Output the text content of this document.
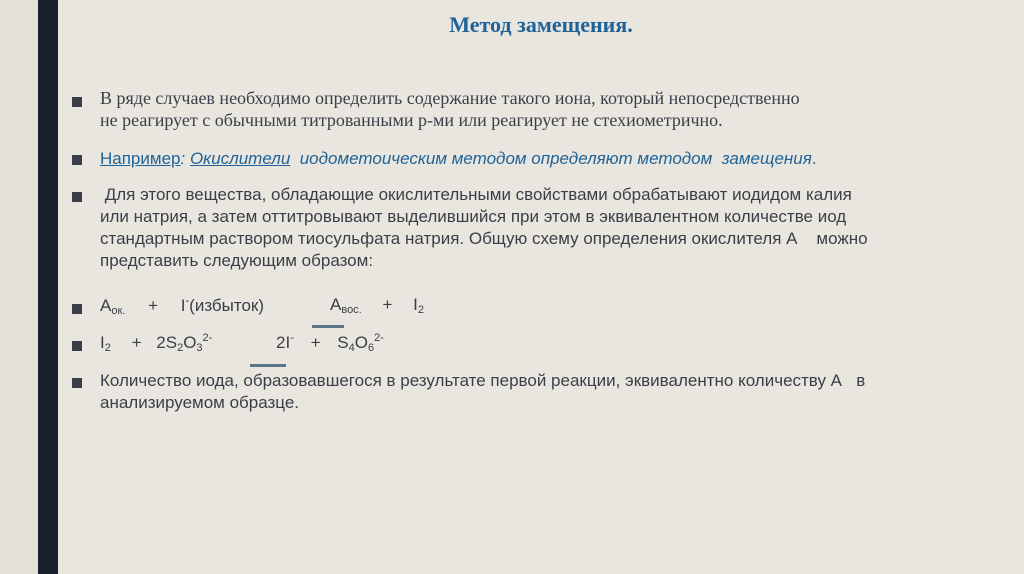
Метод замещения.
В ряде случаев необходимо определить содержание такого иона, который непосредственно
не реагирует с обычными титрованными р-ми или реагирует не стехиометрично.
Например: Окислители  иодометоическим методом определяют методом  замещения.
Для этого вещества, обладающие окислительными свойствами обрабатывают иодидом калия
или натрия, а затем оттитровывают выделившийся при этом в эквивалентном количестве иод
стандартным раствором тиосульфата натрия. Общую схему определения окислителя А    можно
представить следующим образом:
$А_{ок.}$ + I-(избыток)	$А_{вос.} + I_2$
$I_2 + 2S_2O_3^{2-}$	$2I^- + S_4O_6^{2-}$
Количество иода, образовавшегося в результате первой реакции, эквивалентно количеству А   в
анализируемом образце.
